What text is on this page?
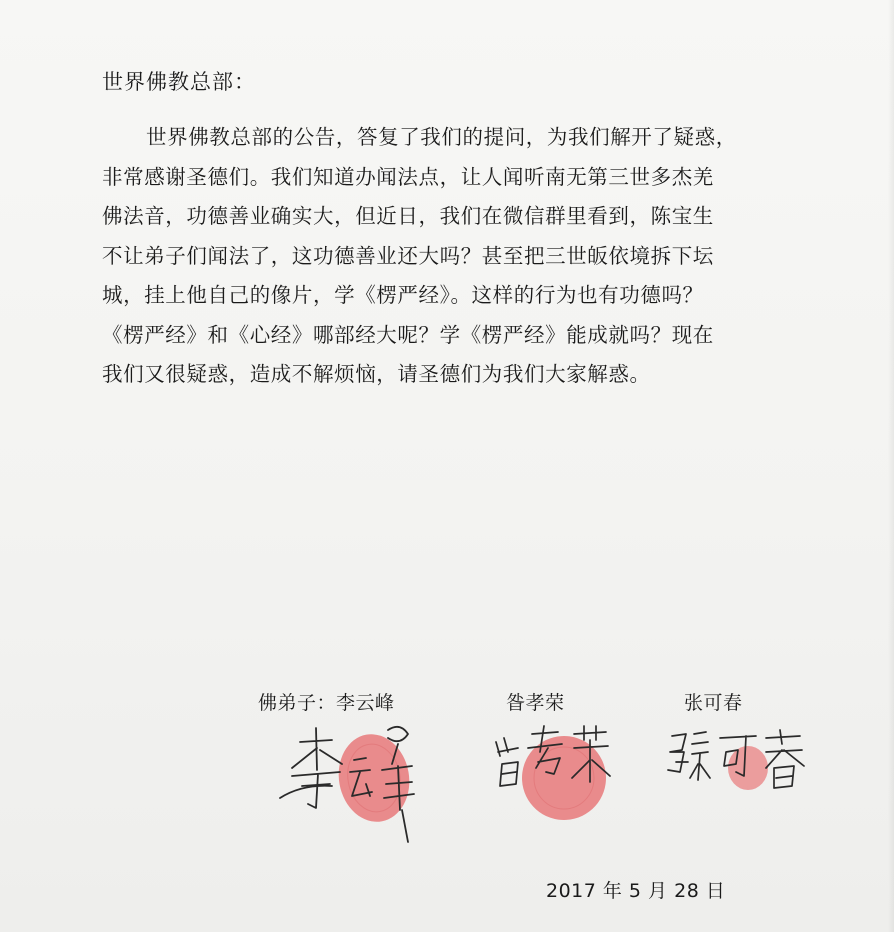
世界佛教总部：
世界佛教总部的公告，答复了我们的提问，为我们解开了疑惑，
非常感谢圣德们。我们知道办闻法点，让人闻听南无第三世多杰羌
佛法音，功德善业确实大，但近日，我们在微信群里看到，陈宝生
不让弟子们闻法了，这功德善业还大吗？甚至把三世皈依境拆下坛
城，挂上他自己的像片，学《楞严经》。这样的行为也有功德吗？
《楞严经》和《心经》哪部经大呢？学《楞严经》能成就吗？现在
我们又很疑惑，造成不解烦恼，请圣德们为我们大家解惑。
佛弟子：李云峰	昝孝荣	张可春
2017 年 5 月 28 日
